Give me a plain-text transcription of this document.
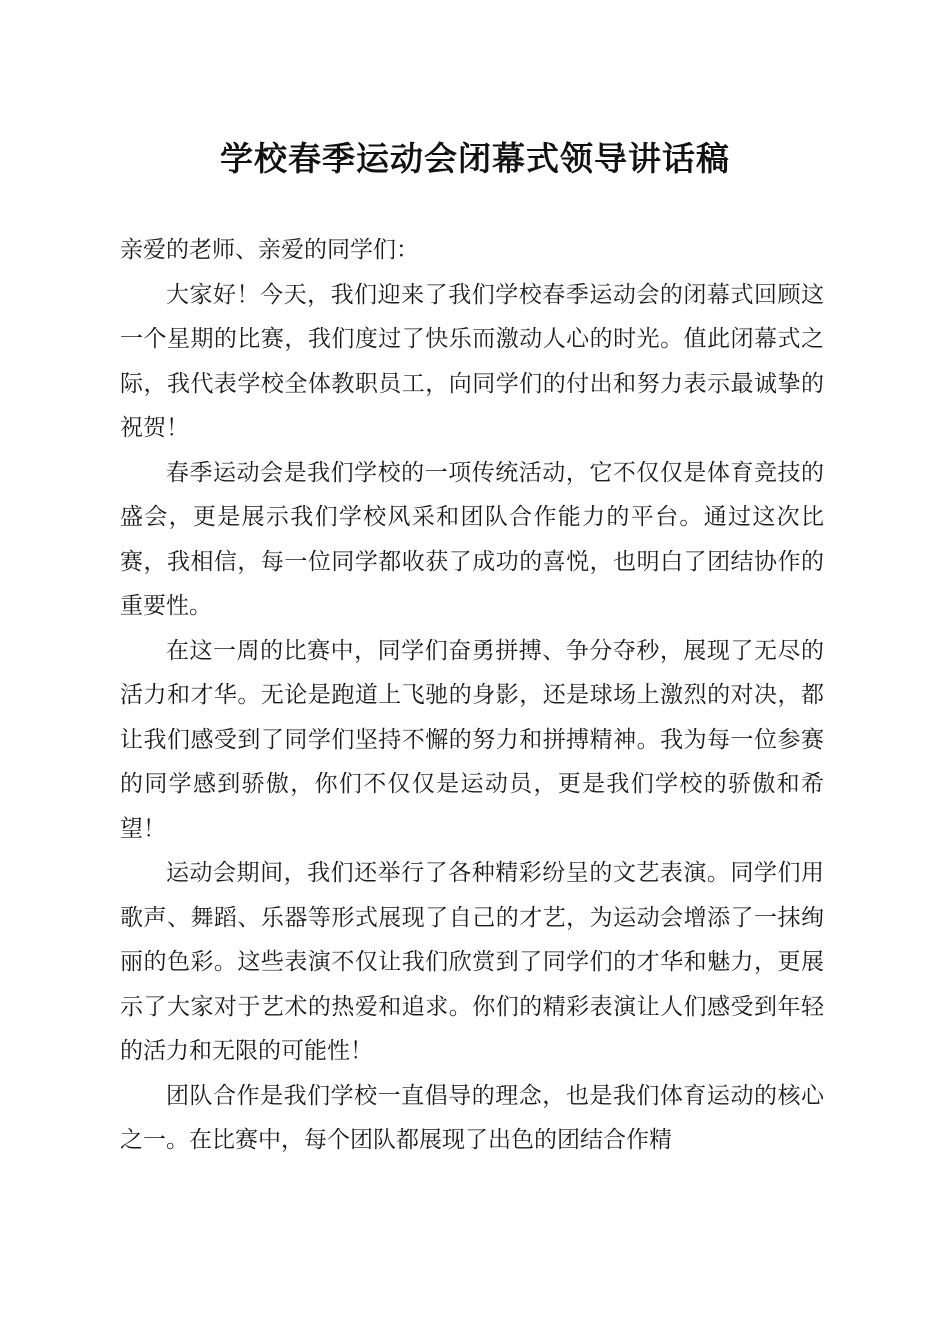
学校春季运动会闭幕式领导讲话稿

亲爱的老师、亲爱的同学们：

大家好！今天，我们迎来了我们学校春季运动会的闭幕式回顾这一个星期的比赛，我们度过了快乐而激动人心的时光。值此闭幕式之际，我代表学校全体教职员工，向同学们的付出和努力表示最诚挚的祝贺！

春季运动会是我们学校的一项传统活动，它不仅仅是体育竞技的盛会，更是展示我们学校风采和团队合作能力的平台。通过这次比赛，我相信，每一位同学都收获了成功的喜悦，也明白了团结协作的重要性。

在这一周的比赛中，同学们奋勇拼搏、争分夺秒，展现了无尽的活力和才华。无论是跑道上飞驰的身影，还是球场上激烈的对决，都让我们感受到了同学们坚持不懈的努力和拼搏精神。我为每一位参赛的同学感到骄傲，你们不仅仅是运动员，更是我们学校的骄傲和希望！

运动会期间，我们还举行了各种精彩纷呈的文艺表演。同学们用歌声、舞蹈、乐器等形式展现了自己的才艺，为运动会增添了一抹绚丽的色彩。这些表演不仅让我们欣赏到了同学们的才华和魅力，更展示了大家对于艺术的热爱和追求。你们的精彩表演让人们感受到年轻的活力和无限的可能性！

团队合作是我们学校一直倡导的理念，也是我们体育运动的核心之一。在比赛中，每个团队都展现了出色的团结合作精
